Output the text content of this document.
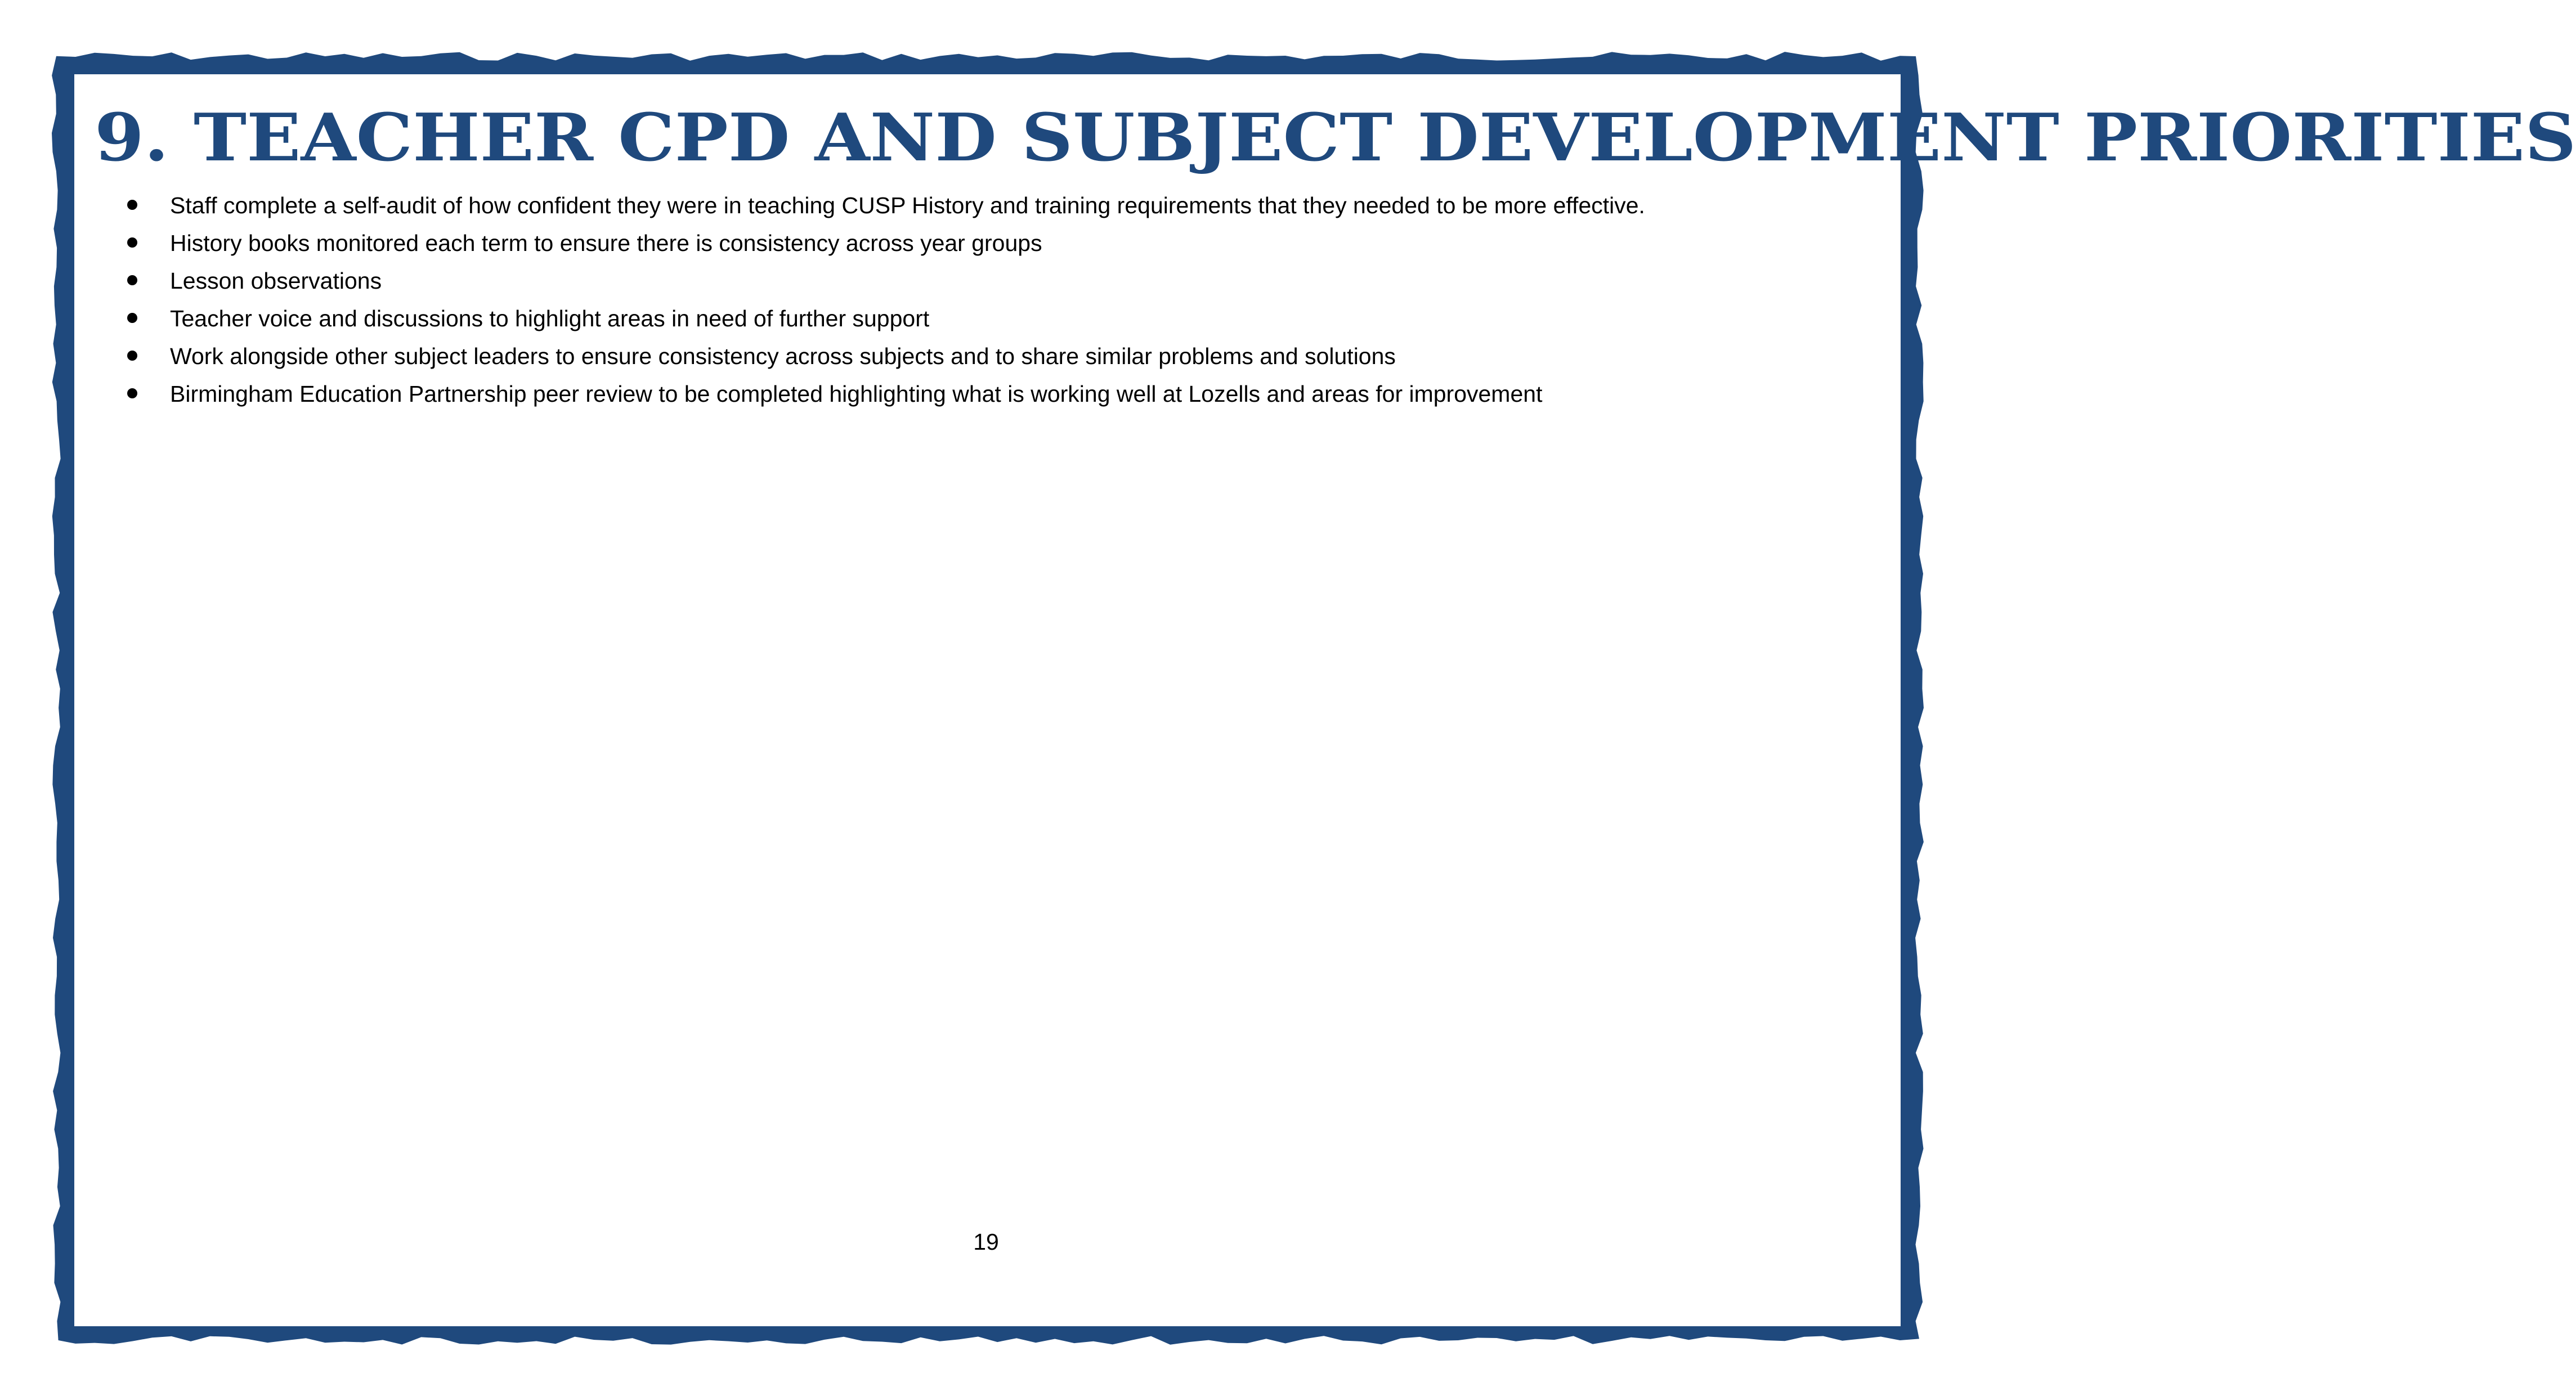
9. TEACHER CPD AND SUBJECT DEVELOPMENT PRIORITIES
Staff complete a self-audit of how confident they were in teaching CUSP History and training requirements that they needed to be more effective.
History books monitored each term to ensure there is consistency across year groups
Lesson observations
Teacher voice and discussions to highlight areas in need of further support
Work alongside other subject leaders to ensure consistency across subjects and to share similar problems and solutions
Birmingham Education Partnership peer review to be completed highlighting what is working well at Lozells and areas for improvement
19
